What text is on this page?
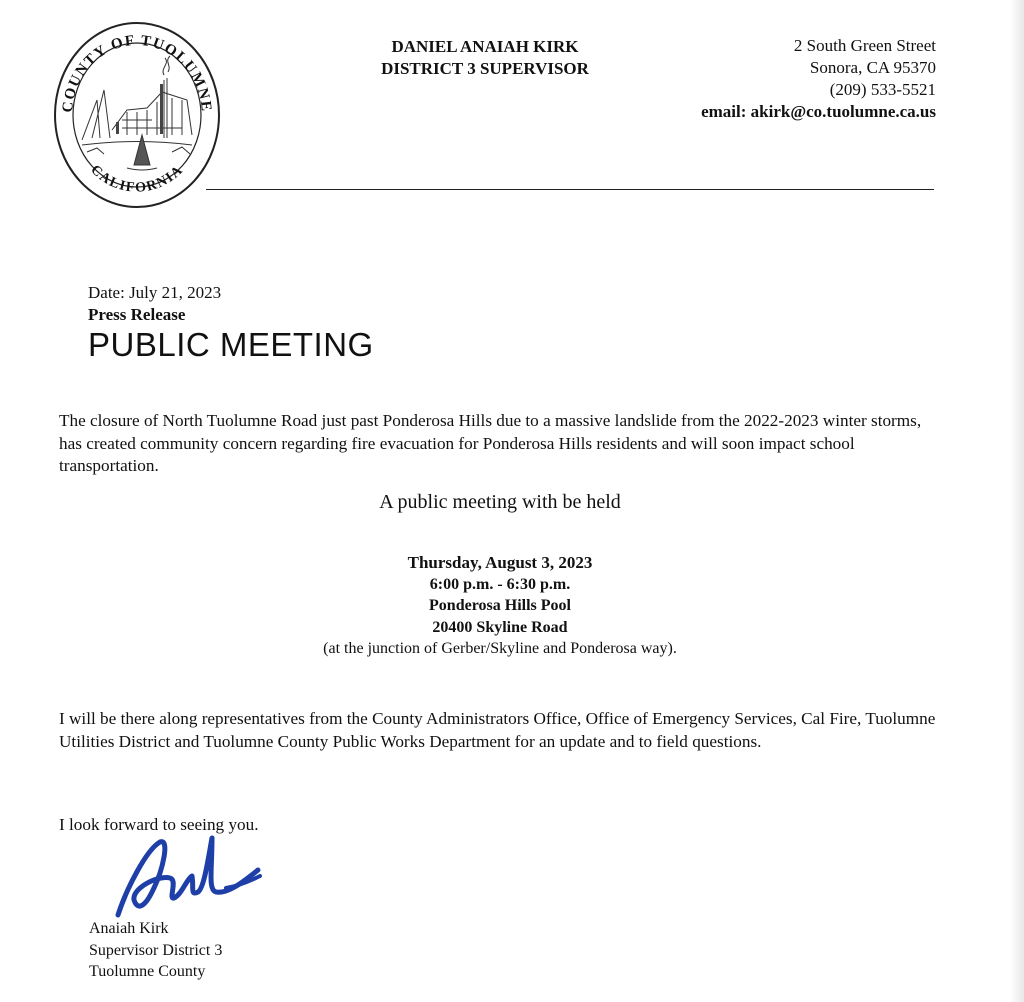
COUNTY OF TUOLUMNE
CALIFORNIA
DANIEL ANAIAH KIRK
DISTRICT 3 SUPERVISOR
2 South Green Street
Sonora, CA 95370
(209) 533-5521
email: akirk@co.tuolumne.ca.us
Date: July 21, 2023
Press Release
PUBLIC MEETING
The closure of North Tuolumne Road just past Ponderosa Hills due to a massive landslide from the 2022-2023 winter storms, has created community concern regarding fire evacuation for Ponderosa Hills residents and will soon impact school transportation.
A public meeting with be held
Thursday, August 3, 2023
6:00 p.m. - 6:30 p.m.
Ponderosa Hills Pool
20400 Skyline Road
(at the junction of Gerber/Skyline and Ponderosa way).
I will be there along representatives from the County Administrators Office, Office of Emergency Services, Cal Fire, Tuolumne Utilities District and Tuolumne County Public Works Department for an update and to field questions.
I look forward to seeing you.
Anaiah Kirk
Supervisor District 3
Tuolumne County
